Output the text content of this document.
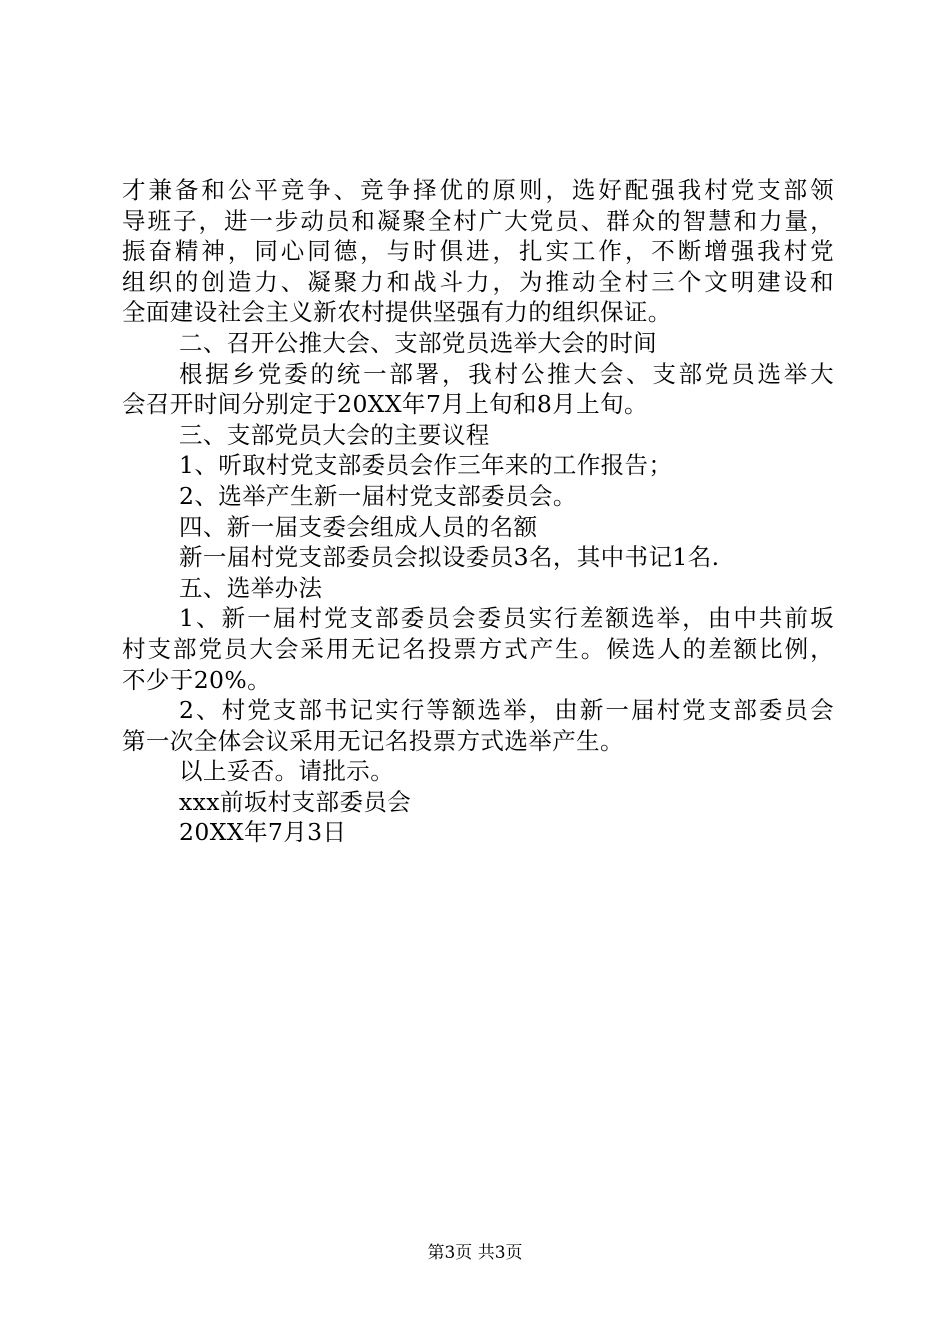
才兼备和公平竞争、竞争择优的原则，选好配强我村党支部领
导班子，进一步动员和凝聚全村广大党员、群众的智慧和力量，
振奋精神，同心同德，与时俱进，扎实工作，不断增强我村党
组织的创造力、凝聚力和战斗力，为推动全村三个文明建设和
全面建设社会主义新农村提供坚强有力的组织保证。
二、召开公推大会、支部党员选举大会的时间
根据乡党委的统一部署，我村公推大会、支部党员选举大
会召开时间分别定于20XX年7月上旬和8月上旬。
三、支部党员大会的主要议程
1、听取村党支部委员会作三年来的工作报告；
2、选举产生新一届村党支部委员会。
四、新一届支委会组成人员的名额
新一届村党支部委员会拟设委员3名，其中书记1名.
五、选举办法
1、新一届村党支部委员会委员实行差额选举，由中共前坂
村支部党员大会采用无记名投票方式产生。候选人的差额比例，
不少于20%。
2、村党支部书记实行等额选举，由新一届村党支部委员会
第一次全体会议采用无记名投票方式选举产生。
以上妥否。请批示。
xxx前坂村支部委员会
20XX年7月3日
第3页 共3页
